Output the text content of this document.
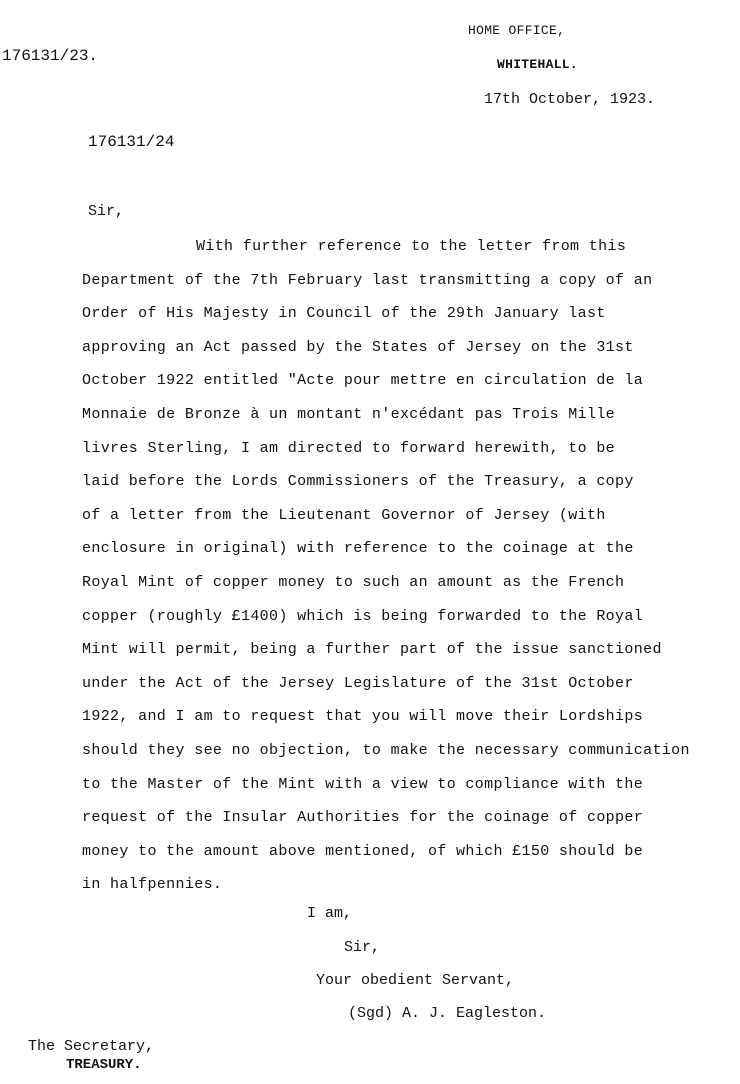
HOME OFFICE,
WHITEHALL.
17th October, 1923.
176131/23.
176131/24
Sir,
With further reference to the letter from this
Department of the 7th February last transmitting a copy of an
Order of His Majesty in Council of the 29th January last
approving an Act passed by the States of Jersey on the 31st
October 1922 entitled "Acte pour mettre en circulation de la
Monnaie de Bronze à un montant n'excédant pas Trois Mille
livres Sterling, I am directed to forward herewith, to be
laid before the Lords Commissioners of the Treasury, a copy
of a letter from the Lieutenant Governor of Jersey (with
enclosure in original) with reference to the coinage at the
Royal Mint of copper money to such an amount as the French
copper (roughly £1400) which is being forwarded to the Royal
Mint will permit, being a further part of the issue sanctioned
under the Act of the Jersey Legislature of the 31st October
1922, and I am to request that you will move their Lordships
should they see no objection, to make the necessary communication
to the Master of the Mint with a view to compliance with the
request of the Insular Authorities for the coinage of copper
money to the amount above mentioned, of which £150 should be
in halfpennies.
I am,
Sir,
Your obedient Servant,
(Sgd) A. J. Eagleston.
The Secretary,
TREASURY.
